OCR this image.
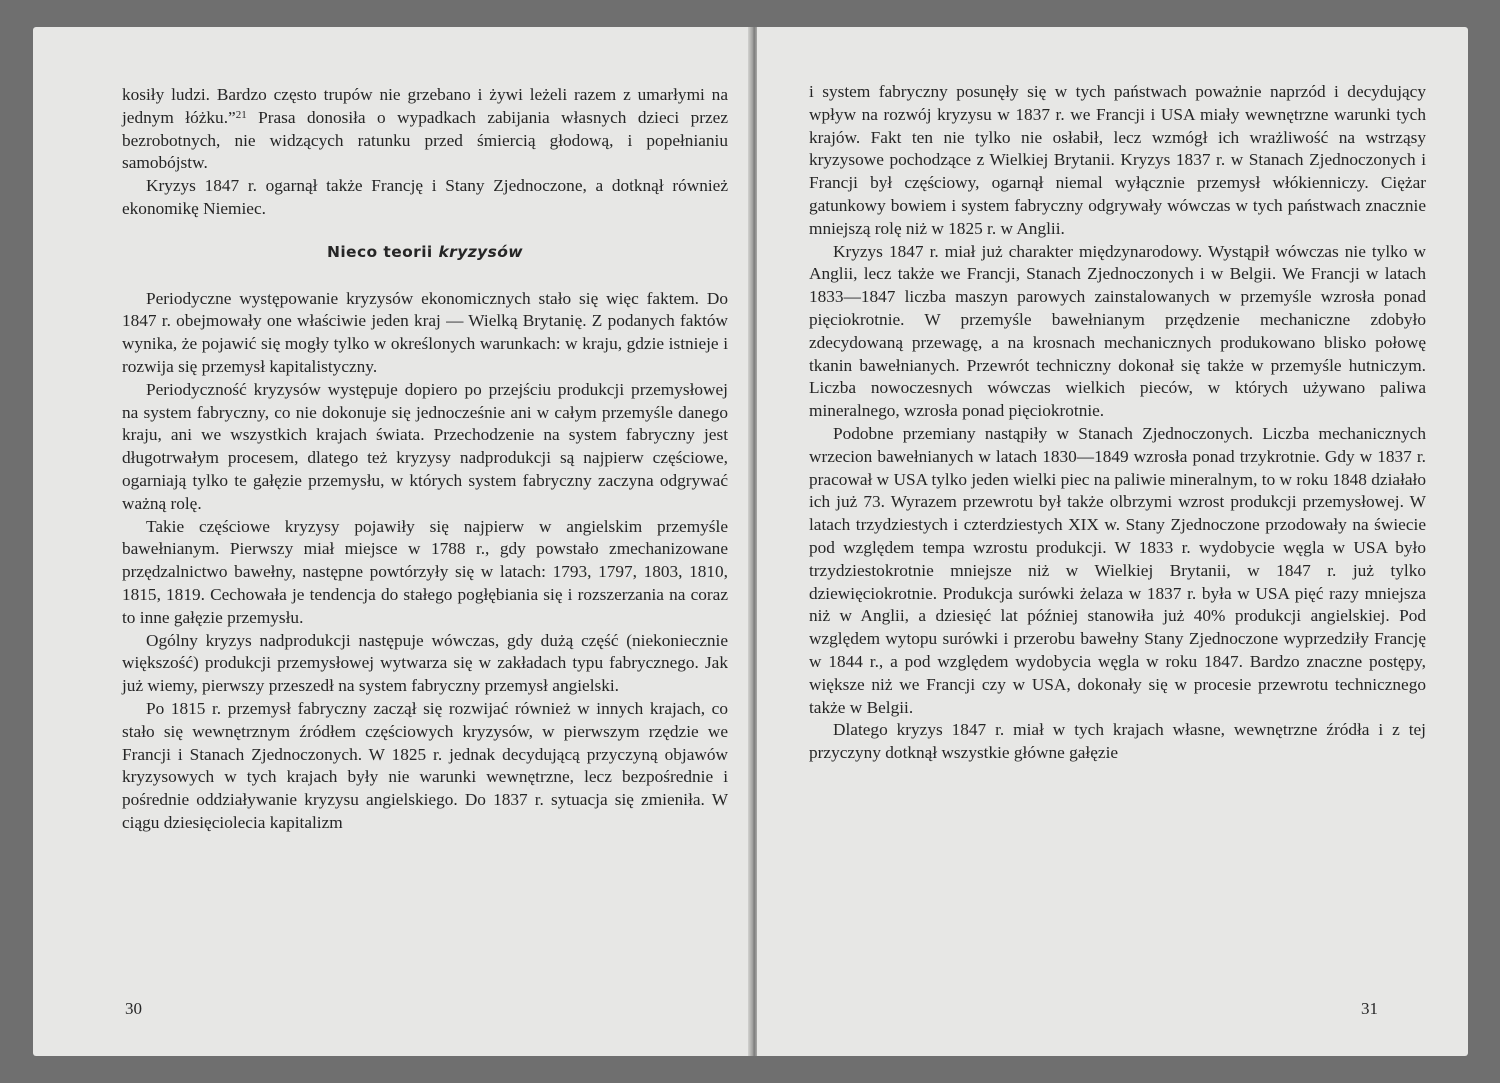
kosiły ludzi. Bardzo często trupów nie grzebano i żywi leżeli razem z umarłymi na jednym łóżku.”$^{21}$ Prasa donosiła o wypadkach zabijania własnych dzieci przez bezrobotnych, nie widzących ratunku przed śmiercią głodową, i popełnianiu samobójstw.

Kryzys 1847 r. ogarnął także Francję i Stany Zjednoczone, a dotknął również ekonomikę Niemiec.

Nieco teorii kryzysów

Periodyczne występowanie kryzysów ekonomicznych stało się więc faktem. Do 1847 r. obejmowały one właściwie jeden kraj — Wielką Brytanię. Z podanych faktów wynika, że pojawić się mogły tylko w określonych warunkach: w kraju, gdzie istnieje i rozwija się przemysł kapitalistyczny.

Periodyczność kryzysów występuje dopiero po przejściu produkcji przemysłowej na system fabryczny, co nie dokonuje się jednocześnie ani w całym przemyśle danego kraju, ani we wszystkich krajach świata. Przechodzenie na system fabryczny jest długotrwałym procesem, dlatego też kryzysy nadprodukcji są najpierw częściowe, ogarniają tylko te gałęzie przemysłu, w których system fabryczny zaczyna odgrywać ważną rolę.

Takie częściowe kryzysy pojawiły się najpierw w angielskim przemyśle bawełnianym. Pierwszy miał miejsce w 1788 r., gdy powstało zmechanizowane przędzalnictwo bawełny, następne powtórzyły się w latach: 1793, 1797, 1803, 1810, 1815, 1819. Cechowała je tendencja do stałego pogłębiania się i rozszerzania na coraz to inne gałęzie przemysłu.

Ogólny kryzys nadprodukcji następuje wówczas, gdy dużą część (niekoniecznie większość) produkcji przemysłowej wytwarza się w zakładach typu fabrycznego. Jak już wiemy, pierwszy przeszedł na system fabryczny przemysł angielski.

Po 1815 r. przemysł fabryczny zaczął się rozwijać również w innych krajach, co stało się wewnętrznym źródłem częściowych kryzysów, w pierwszym rzędzie we Francji i Stanach Zjednoczonych. W 1825 r. jednak decydującą przyczyną objawów kryzysowych w tych krajach były nie warunki wewnętrzne, lecz bezpośrednie i pośrednie oddziaływanie kryzysu angielskiego. Do 1837 r. sytuacja się zmieniła. W ciągu dziesięciolecia kapitalizm

30

i system fabryczny posunęły się w tych państwach poważnie naprzód i decydujący wpływ na rozwój kryzysu w 1837 r. we Francji i USA miały wewnętrzne warunki tych krajów. Fakt ten nie tylko nie osłabił, lecz wzmógł ich wrażliwość na wstrząsy kryzysowe pochodzące z Wielkiej Brytanii. Kryzys 1837 r. w Stanach Zjednoczonych i Francji był częściowy, ogarnął niemal wyłącznie przemysł włókienniczy. Ciężar gatunkowy bowiem i system fabryczny odgrywały wówczas w tych państwach znacznie mniejszą rolę niż w 1825 r. w Anglii.

Kryzys 1847 r. miał już charakter międzynarodowy. Wystąpił wówczas nie tylko w Anglii, lecz także we Francji, Stanach Zjednoczonych i w Belgii. We Francji w latach 1833—1847 liczba maszyn parowych zainstalowanych w przemyśle wzrosła ponad pięciokrotnie. W przemyśle bawełnianym przędzenie mechaniczne zdobyło zdecydowaną przewagę, a na krosnach mechanicznych produkowano blisko połowę tkanin bawełnianych. Przewrót techniczny dokonał się także w przemyśle hutniczym. Liczba nowoczesnych wówczas wielkich pieców, w których używano paliwa mineralnego, wzrosła ponad pięciokrotnie.

Podobne przemiany nastąpiły w Stanach Zjednoczonych. Liczba mechanicznych wrzecion bawełnianych w latach 1830—1849 wzrosła ponad trzykrotnie. Gdy w 1837 r. pracował w USA tylko jeden wielki piec na paliwie mineralnym, to w roku 1848 działało ich już 73. Wyrazem przewrotu był także olbrzymi wzrost produkcji przemysłowej. W latach trzydziestych i czterdziestych XIX w. Stany Zjednoczone przodowały na świecie pod względem tempa wzrostu produkcji. W 1833 r. wydobycie węgla w USA było trzydziestokrotnie mniejsze niż w Wielkiej Brytanii, w 1847 r. już tylko dziewięciokrotnie. Produkcja surówki żelaza w 1837 r. była w USA pięć razy mniejsza niż w Anglii, a dziesięć lat później stanowiła już 40% produkcji angielskiej. Pod względem wytopu surówki i przerobu bawełny Stany Zjednoczone wyprzedziły Francję w 1844 r., a pod względem wydobycia węgla w roku 1847. Bardzo znaczne postępy, większe niż we Francji czy w USA, dokonały się w procesie przewrotu technicznego także w Belgii.

Dlatego kryzys 1847 r. miał w tych krajach własne, wewnętrzne źródła i z tej przyczyny dotknął wszystkie główne gałęzie

31
